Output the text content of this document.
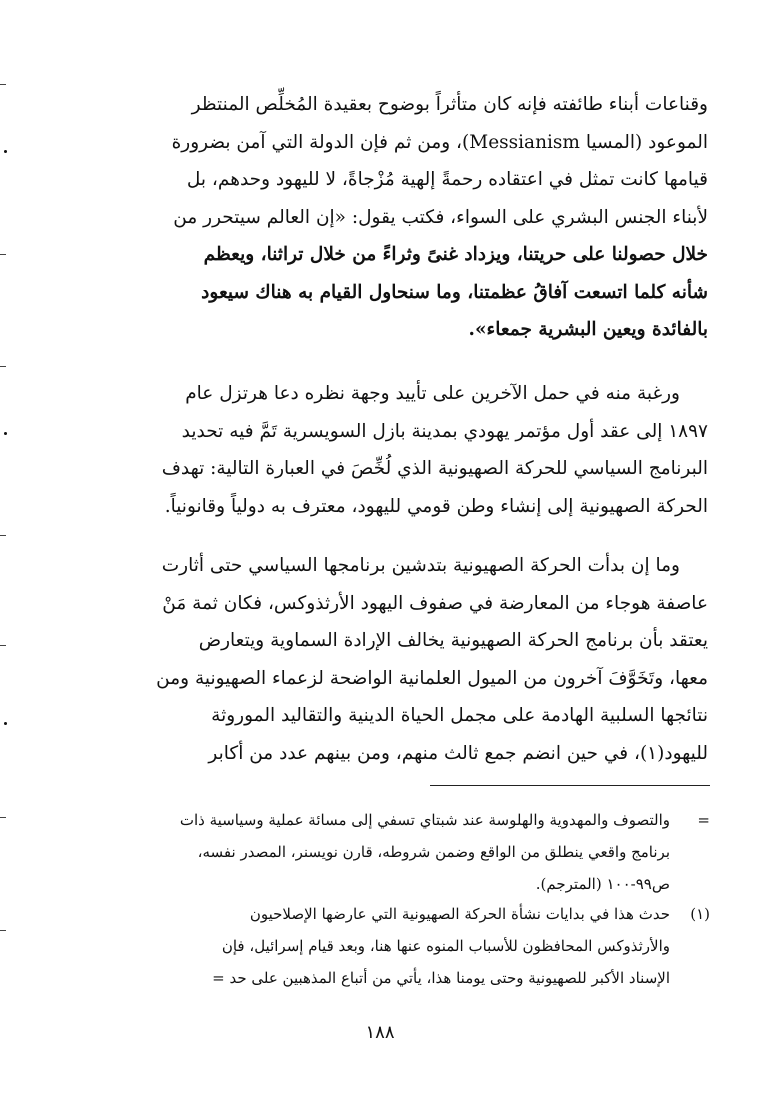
وقناعات أبناء طائفته فإنه كان متأثراً بوضوح بعقيدة المُخلِّص المنتظر
الموعود (المسيا Messianism)، ومن ثم فإن الدولة التي آمن بضرورة
قيامها كانت تمثل في اعتقاده رحمةً إلهية مُزْجاةً، لا لليهود وحدهم، بل
لأبناء الجنس البشري على السواء، فكتب يقول: «إن العالم سيتحرر من
خلال حصولنا على حريتنا، ويزداد غنىً وثراءً من خلال تراثنا، ويعظم
شأنه كلما اتسعت آفاقُ عظمتنا، وما سنحاول القيام به هناك سيعود
بالفائدة ويعين البشرية جمعاء».
ورغبة منه في حمل الآخرين على تأييد وجهة نظره دعا هرتزل عام
١٨٩٧ إلى عقد أول مؤتمر يهودي بمدينة بازل السويسرية تَمَّ فيه تحديد
البرنامج السياسي للحركة الصهيونية الذي لُخِّصَ في العبارة التالية: تهدف
الحركة الصهيونية إلى إنشاء وطن قومي لليهود، معترف به دولياً وقانونياً.
وما إن بدأت الحركة الصهيونية بتدشين برنامجها السياسي حتى أثارت
عاصفة هوجاء من المعارضة في صفوف اليهود الأرثذوكس، فكان ثمة مَنْ
يعتقد بأن برنامج الحركة الصهيونية يخالف الإرادة السماوية ويتعارض
معها، وتَخَوَّفَ آخرون من الميول العلمانية الواضحة لزعماء الصهيونية ومن
نتائجها السلبية الهادمة على مجمل الحياة الدينية والتقاليد الموروثة
لليهود(١)، في حين انضم جمع ثالث منهم، ومن بينهم عدد من أكابر
=
والتصوف والمهدوية والهلوسة عند شبتاي تسفي إلى مسائة عملية وسياسية ذات
برنامج واقعي ينطلق من الواقع وضمن شروطه، قارن نويسنر، المصدر نفسه،
ص٩٩-١٠٠ (المترجم).
(١)
حدث هذا في بدايات نشأة الحركة الصهيونية التي عارضها الإصلاحيون
والأرثذوكس المحافظون للأسباب المنوه عنها هنا، وبعد قيام إسرائيل، فإن
الإسناد الأكبر للصهيونية وحتى يومنا هذا، يأتي من أتباع المذهبين على حد =
١٨٨
